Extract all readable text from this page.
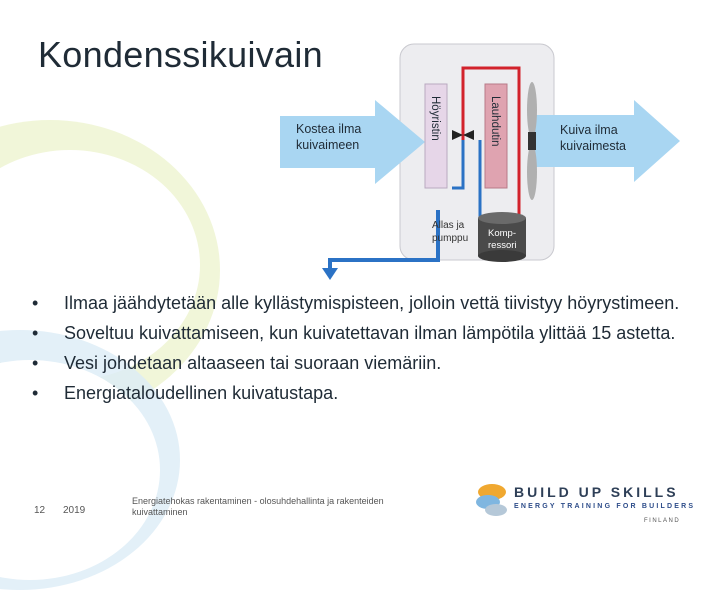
Kondenssikuivain
Kostea ilma kuivaimeen
Kuiva ilma kuivaimesta
Höyristin	Lauhdutin
Allas ja pumppu Komp-ressori
• Ilmaa jäähdytetään alle kyllästymispisteen, jolloin vettä tiivistyy höyrystimeen.
• Soveltuu kuivattamiseen, kun kuivatettavan ilman lämpötila ylittää 15 astetta.
• Vesi johdetaan altaaseen tai suoraan viemäriin.
• Energiataloudellinen kuivatustapa.
12 2019
Energiatehokas rakentaminen - olosuhdehallinta ja rakenteiden kuivattaminen
BUILD UP SKILLS
ENERGY TRAINING FOR BUILDERS
FINLAND
